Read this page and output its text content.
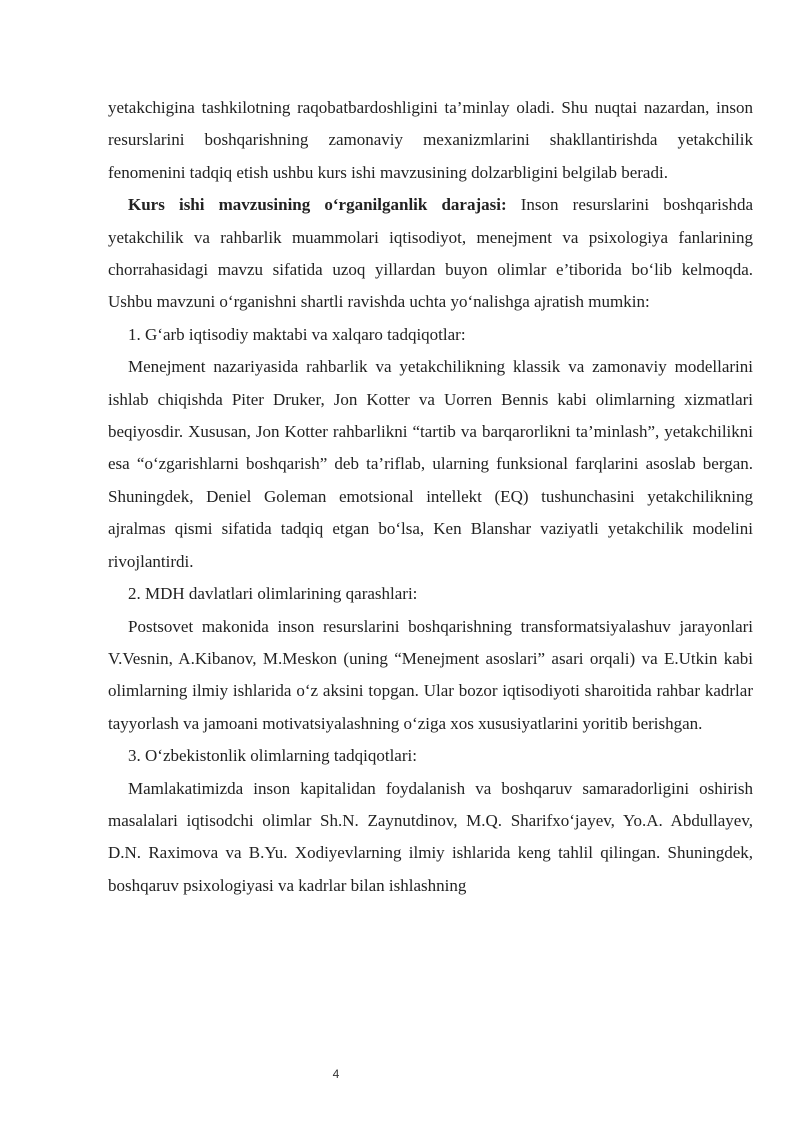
yetakchigina tashkilotning raqobatbardoshligini ta’minlay oladi. Shu nuqtai nazardan, inson resurslarini boshqarishning zamonaviy mexanizmlarini shakllantirishda yetakchilik fenomenini tadqiq etish ushbu kurs ishi mavzusining dolzarbligini belgilab beradi.

Kurs ishi mavzusining o‘rganilganlik darajasi: Inson resurslarini boshqarishda yetakchilik va rahbarlik muammolari iqtisodiyot, menejment va psixologiya fanlarining chorrahasidagi mavzu sifatida uzoq yillardan buyon olimlar e’tiborida bo‘lib kelmoqda. Ushbu mavzuni o‘rganishni shartli ravishda uchta yo‘nalishga ajratish mumkin:

1. G‘arb iqtisodiy maktabi va xalqaro tadqiqotlar:

Menejment nazariyasida rahbarlik va yetakchilikning klassik va zamonaviy modellarini ishlab chiqishda Piter Druker, Jon Kotter va Uorren Bennis kabi olimlarning xizmatlari beqiyosdir. Xususan, Jon Kotter rahbarlikni “tartib va barqarorlikni ta’minlash”, yetakchilikni esa “o‘zgarishlarni boshqarish” deb ta’riflab, ularning funksional farqlarini asoslab bergan. Shuningdek, Deniel Goleman emotsional intellekt (EQ) tushunchasini yetakchilikning ajralmas qismi sifatida tadqiq etgan bo‘lsa, Ken Blanshar vaziyatli yetakchilik modelini rivojlantirdi.

2. MDH davlatlari olimlarining qarashlari:

Postsovet makonida inson resurslarini boshqarishning transformatsiyalashuv jarayonlari V.Vesnin, A.Kibanov, M.Meskon (uning “Menejment asoslari” asari orqali) va E.Utkin kabi olimlarning ilmiy ishlarida o‘z aksini topgan. Ular bozor iqtisodiyoti sharoitida rahbar kadrlar tayyorlash va jamoani motivatsiyalashning o‘ziga xos xususiyatlarini yoritib berishgan.

3. O‘zbekistonlik olimlarning tadqiqotlari:

Mamlakatimizda inson kapitalidan foydalanish va boshqaruv samaradorligini oshirish masalalari iqtisodchi olimlar Sh.N. Zaynutdinov, M.Q. Sharifxo‘jayev, Yo.A. Abdullayev, D.N. Raximova va B.Yu. Xodiyevlarning ilmiy ishlarida keng tahlil qilingan. Shuningdek, boshqaruv psixologiyasi va kadrlar bilan ishlashning

4
